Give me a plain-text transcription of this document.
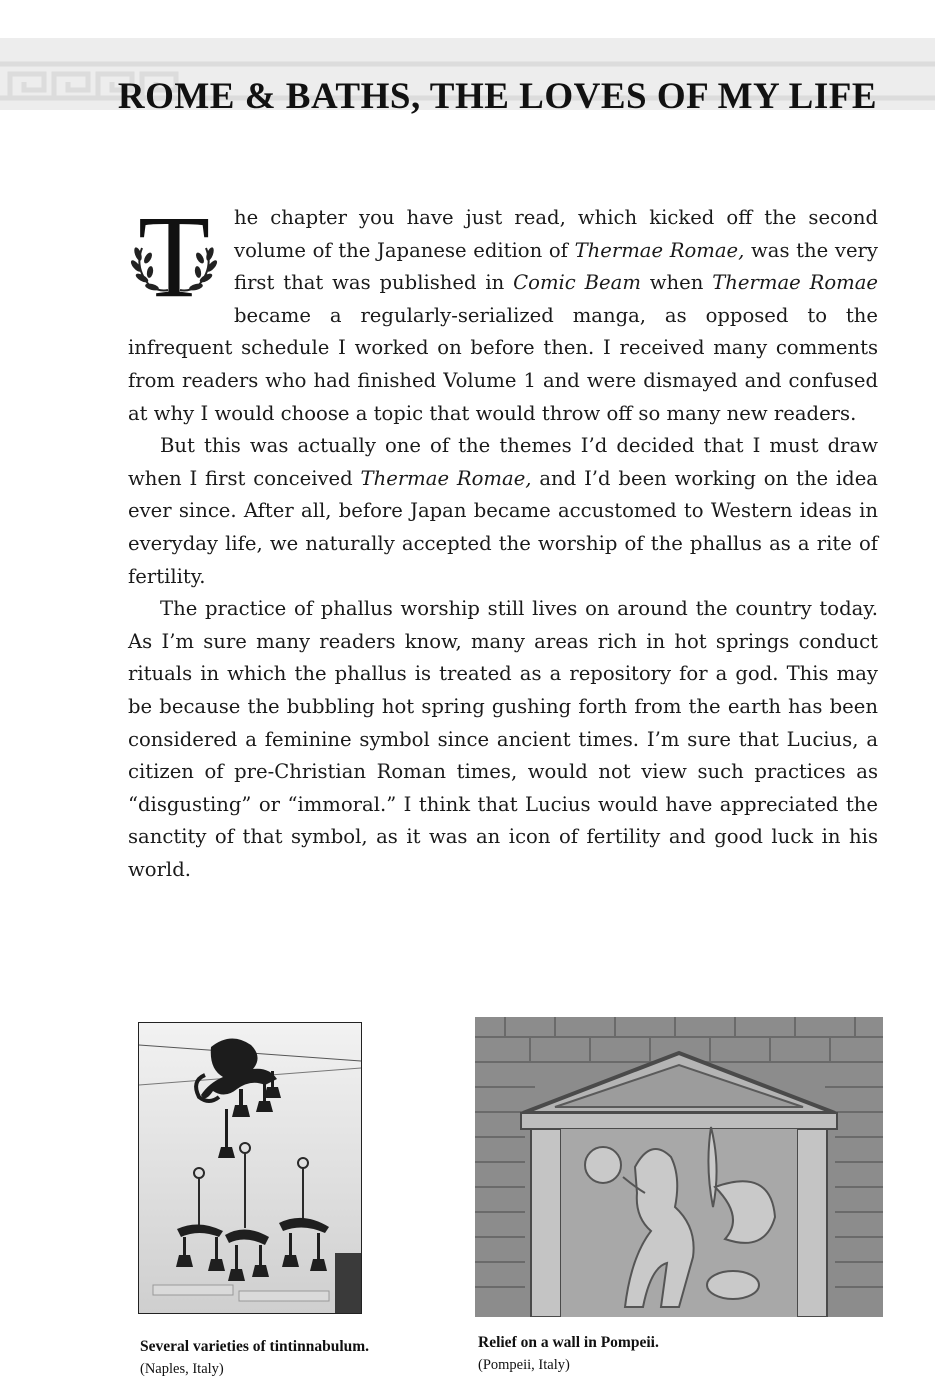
ROME & BATHS, THE LOVES OF MY LIFE

T	he chapter you have just read, which kicked off the second volume of the Japanese edition of Thermae Romae, was the very first that was published in Comic Beam when Thermae Romae became a regularly-serialized manga, as opposed to the infrequent schedule I worked on before then. I received many comments from readers who had finished Volume 1 and were dismayed and confused at why I would choose a topic that would throw off so many new readers.

But this was actually one of the themes I’d decided that I must draw when I first conceived Thermae Romae, and I’d been working on the idea ever since. After all, before Japan became accustomed to Western ideas in everyday life, we naturally accepted the worship of the phallus as a rite of fertility.

The practice of phallus worship still lives on around the country today. As I’m sure many readers know, many areas rich in hot springs conduct rituals in which the phallus is treated as a repository for a god. This may be because the bubbling hot spring gushing forth from the earth has been considered a feminine symbol since ancient times. I’m sure that Lucius, a citizen of pre-Christian Roman times, would not view such practices as “disgusting” or “immoral.” I think that Lucius would have appreciated the sanctity of that symbol, as it was an icon of fertility and good luck in his world.

Several varieties of tintinnabulum. (Naples, Italy)
Relief on a wall in Pompeii.
(Pompeii, Italy)
